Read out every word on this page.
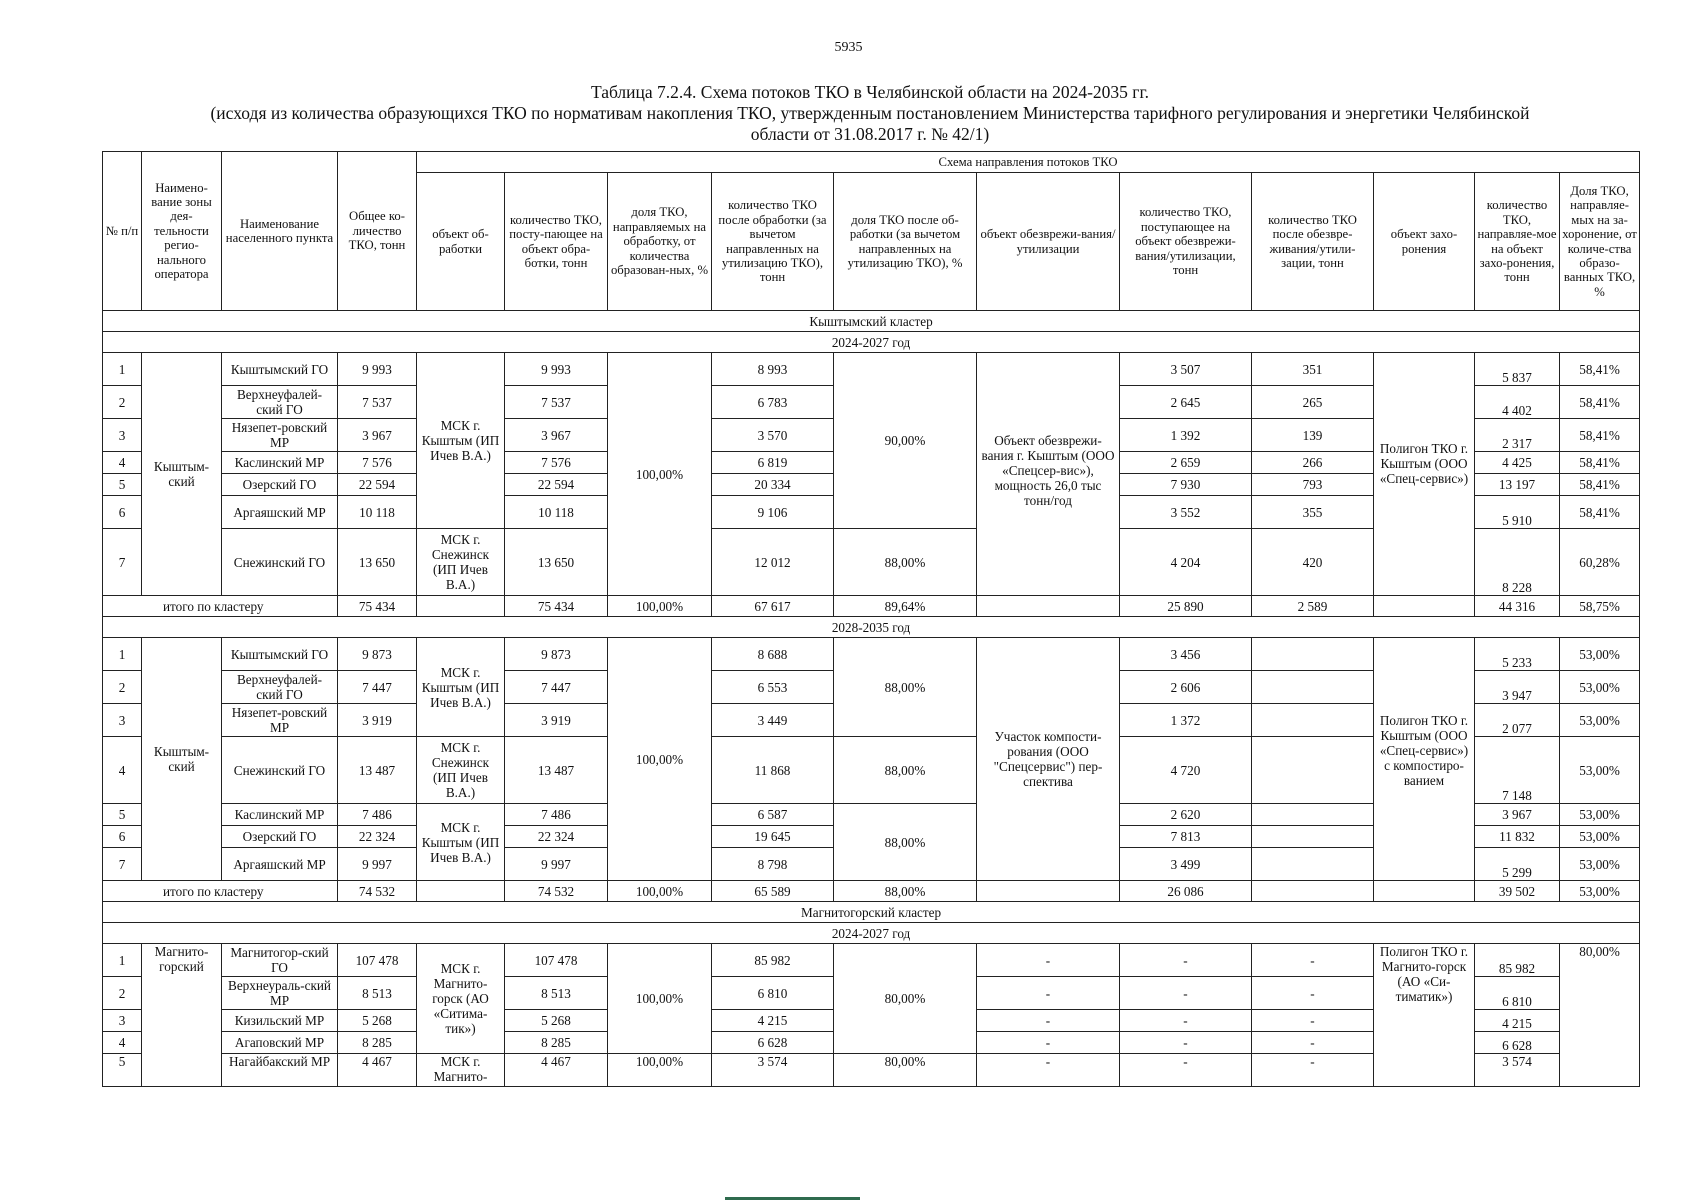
5935
Таблица 7.2.4. Схема потоков ТКО в Челябинской области на 2024-2035 гг.
(исходя из количества образующихся ТКО по нормативам накопления ТКО, утвержденным постановлением Министерства тарифного регулирования и энергетики Челябинской
области от 31.08.2017 г. № 42/1)
№ п/п	Наимено-вание зоны дея-тельности регио-нального оператора	Наименование населенного пункта	Общее ко-личество ТКО, тонн	Схема направления потоков ТКО										
				объект об-работки	количество ТКО, посту-пающее на объект обра-ботки, тонн	доля ТКО, направляемых на обработку, от количества образован-ных, %	количество ТКО после обработки (за вычетом направленных на утилизацию ТКО), тонн	доля ТКО после об-работки (за вычетом направленных на утилизацию ТКО), %	объект обезврежи-вания/утилизации	количество ТКО, поступающее на объект обезврежи-вания/утилизации, тонн	количество ТКО после обезвре-живания/утили-зации, тонн	объект захо-ронения	количество ТКО, направляе-мое на объект захо-ронения, тонн	Доля ТКО, направляе-мых на за-хоронение, от количе-ства образо-ванных ТКО, %
Кыштымский кластер														
2024-2027 год														
1	Кыштым-ский	Кыштымский ГО	9 993	МСК г. Кыштым (ИП Ичев В.А.)	9 993	100,00%	8 993	90,00%	Объект обезврежи-вания г. Кыштым (ООО «Спецсер-вис»), мощность 26,0 тыс тонн/год	3 507	351	Полигон ТКО г. Кыштым (ООО «Спец-сервис»)	5 837	58,41%
2		Верхнеуфалей-ский ГО	7 537		7 537		6 783			2 645	265		4 402	58,41%
3		Нязепет-ровский МР	3 967		3 967		3 570			1 392	139		2 317	58,41%
4		Каслинский МР	7 576		7 576		6 819			2 659	266		4 425	58,41%
5		Озерский ГО	22 594		22 594		20 334			7 930	793		13 197	58,41%
6		Аргаяшский МР	10 118		10 118		9 106			3 552	355		5 910	58,41%
7		Снежинский ГО	13 650	МСК г. Снежинск (ИП Ичев В.А.)	13 650		12 012	88,00%		4 204	420		8 228	60,28%
итого по кластеру			75 434		75 434	100,00%	67 617	89,64%		25 890	2 589		44 316	58,75%
2028-2035 год														
1	Кыштым-ский	Кыштымский ГО	9 873	МСК г. Кыштым (ИП Ичев В.А.)	9 873	100,00%	8 688	88,00%	Участок компости-рования (ООО "Спецсервис") пер-спектива	3 456		Полигон ТКО г. Кыштым (ООО «Спец-сервис») с компостиро-ванием	5 233	53,00%
2		Верхнеуфалей-ский ГО	7 447		7 447		6 553			2 606			3 947	53,00%
3		Нязепет-ровский МР	3 919		3 919		3 449			1 372			2 077	53,00%
4		Снежинский ГО	13 487	МСК г. Снежинск (ИП Ичев В.А.)	13 487		11 868	88,00%		4 720			7 148	53,00%
5		Каслинский МР	7 486	МСК г. Кыштым (ИП Ичев В.А.)	7 486		6 587	88,00%		2 620			3 967	53,00%
6		Озерский ГО	22 324		22 324		19 645			7 813			11 832	53,00%
7		Аргаяшский МР	9 997		9 997		8 798			3 499			5 299	53,00%
итого по кластеру			74 532		74 532	100,00%	65 589	88,00%		26 086			39 502	53,00%
Магнитогорский кластер														
2024-2027 год														
1	Магнито-горский	Магнитогор-ский ГО	107 478	МСК г. Магнито-горск (АО «Ситима-тик»)	107 478	100,00%	85 982	80,00%	-	-	-	Полигон ТКО г. Магнито-горск (АО «Си-тиматик»)	85 982	80,00%
2		Верхнеураль-ский МР	8 513		8 513		6 810		-	-	-		6 810	
3		Кизильский МР	5 268		5 268		4 215		-	-	-		4 215	
4		Агаповский МР	8 285		8 285		6 628		-	-	-		6 628	
5		Нагайбакский МР	4 467	МСК г. Магнито-	4 467	100,00%	3 574	80,00%	-	-	-		3 574	
